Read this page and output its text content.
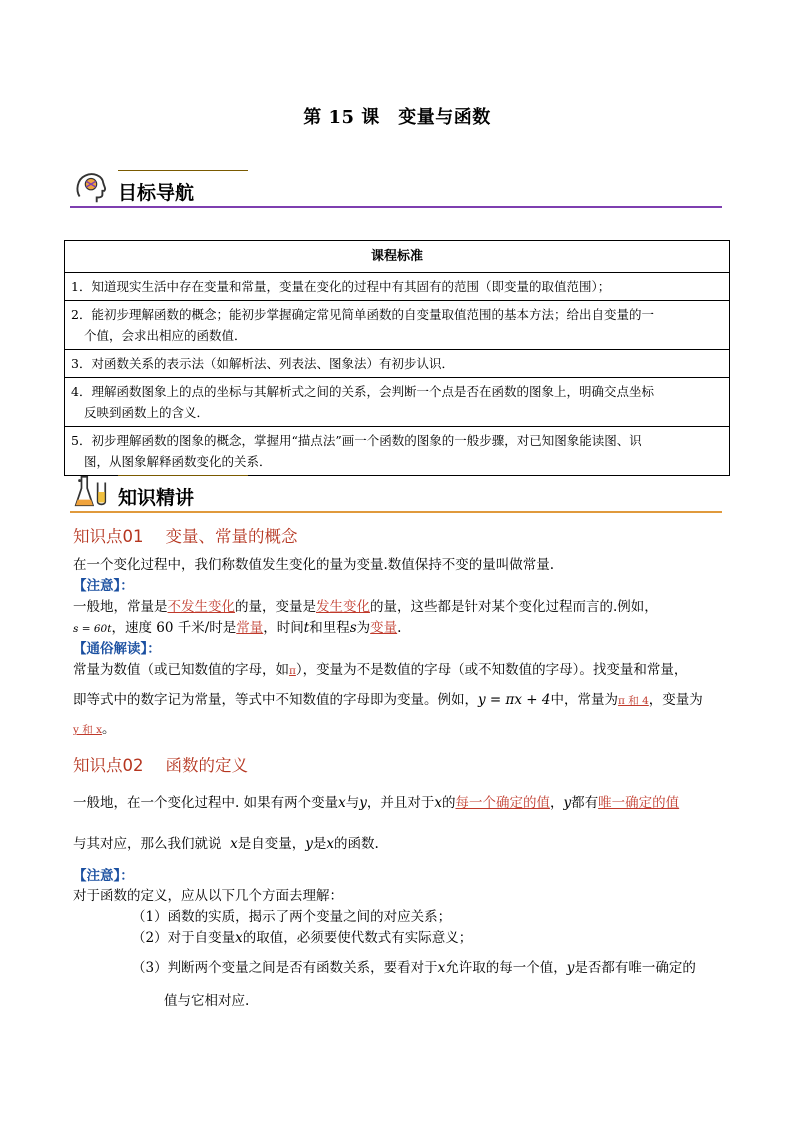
第 15 课　变量与函数
目标导航
课程标准
1．知道现实生活中存在变量和常量，变量在变化的过程中有其固有的范围（即变量的取值范围）；
2．能初步理解函数的概念；能初步掌握确定常见简单函数的自变量取值范围的基本方法；给出自变量的一
个值，会求出相应的函数值．
3．对函数关系的表示法（如解析法、列表法、图象法）有初步认识．
4．理解函数图象上的点的坐标与其解析式之间的关系，会判断一个点是否在函数的图象上，明确交点坐标
反映到函数上的含义．
5．初步理解函数的图象的概念，掌握用“描点法”画一个函数的图象的一般步骤，对已知图象能读图、识
图，从图象解释函数变化的关系．
知识精讲
知识点01 变量、常量的概念
在一个变化过程中，我们称数值发生变化的量为变量.数值保持不变的量叫做常量.
【注意】：
一般地，常量是不发生变化的量，变量是发生变化的量，这些都是针对某个变化过程而言的.例如，
s = 60t，速度 60 千米/时是常量，时间t和里程s为变量.
【通俗解读】：
常量为数值（或已知数值的字母，如π），变量为不是数值的字母（或不知数值的字母）。找变量和常量，
即等式中的数字记为常量，等式中不知数值的字母即为变量。例如，y = πx + 4中，常量为π 和 4，变量为
y 和 x。
知识点02 函数的定义
一般地，在一个变化过程中. 如果有两个变量x与y，并且对于x的每一个确定的值，y都有唯一确定的值
与其对应，那么我们就说 x是自变量，y是x的函数.
【注意】：
对于函数的定义，应从以下几个方面去理解：
（1）函数的实质，揭示了两个变量之间的对应关系；
（2）对于自变量x的取值，必须要使代数式有实际意义；
（3）判断两个变量之间是否有函数关系，要看对于x允许取的每一个值，y是否都有唯一确定的
值与它相对应.
